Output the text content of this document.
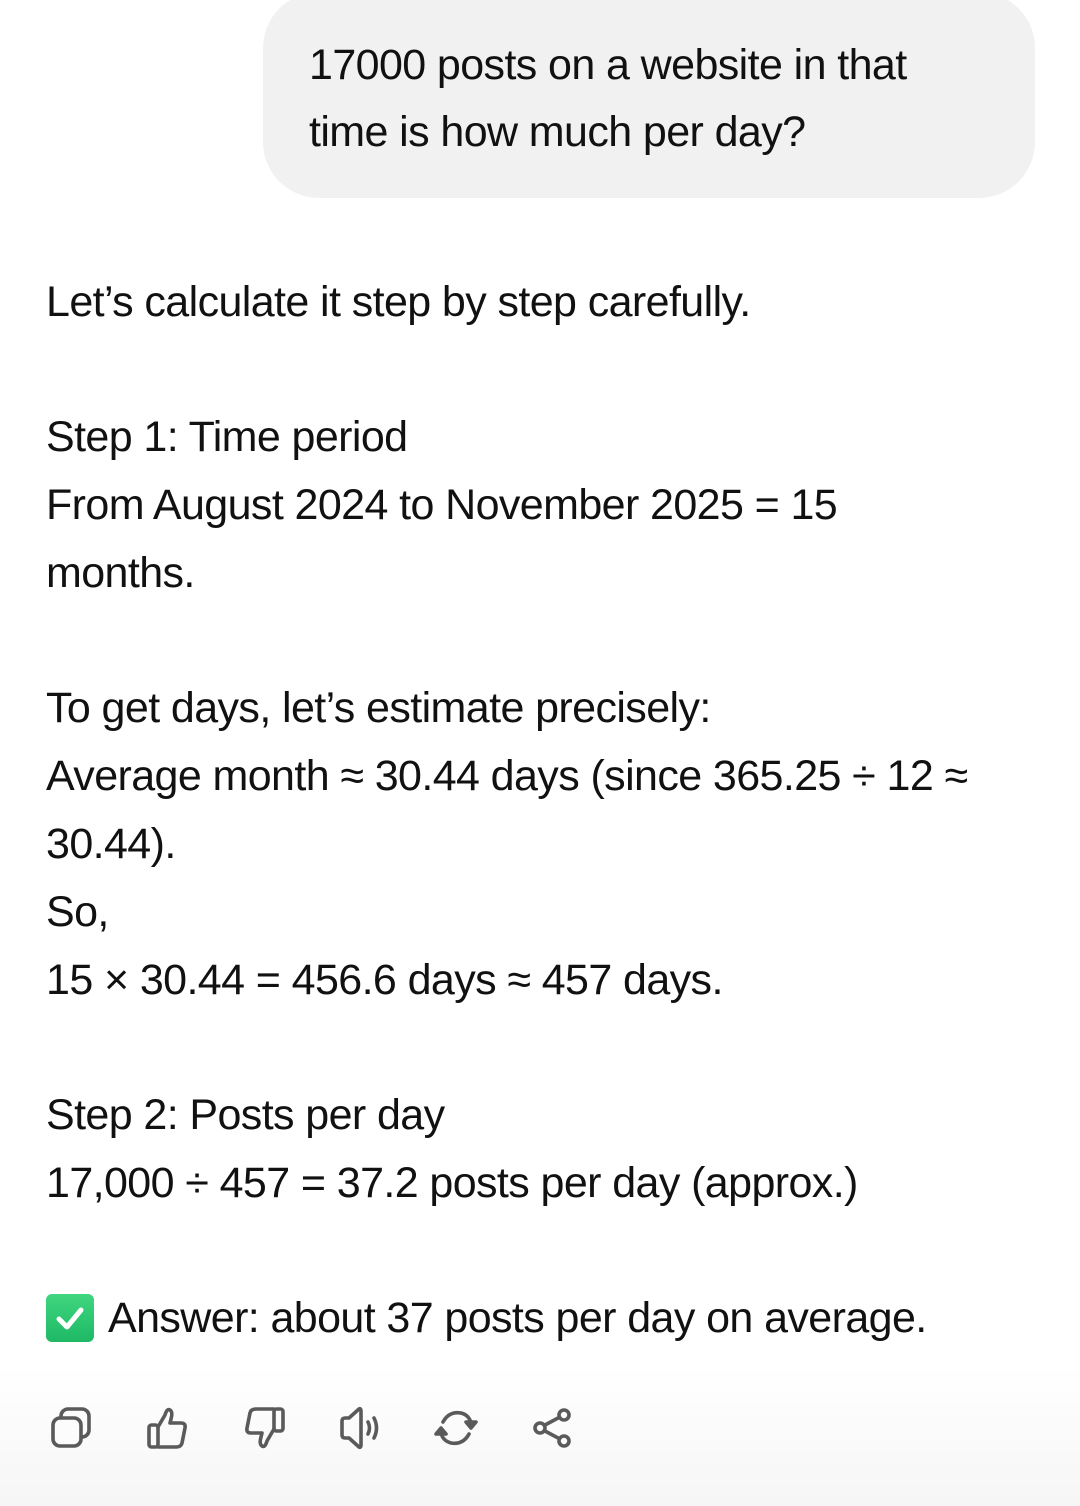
17000 posts on a website in that time is how much per day?

Let’s calculate it step by step carefully.

Step 1: Time period

From August 2024 to November 2025 = 15

months.

To get days, let’s estimate precisely:

Average month ≈ 30.44 days (since 365.25 ÷ 12 ≈

30.44).

So,

15 × 30.44 = 456.6 days ≈ 457 days.

Step 2: Posts per day

17,000 ÷ 457 = 37.2 posts per day (approx.)

Answer: about 37 posts per day on average.
